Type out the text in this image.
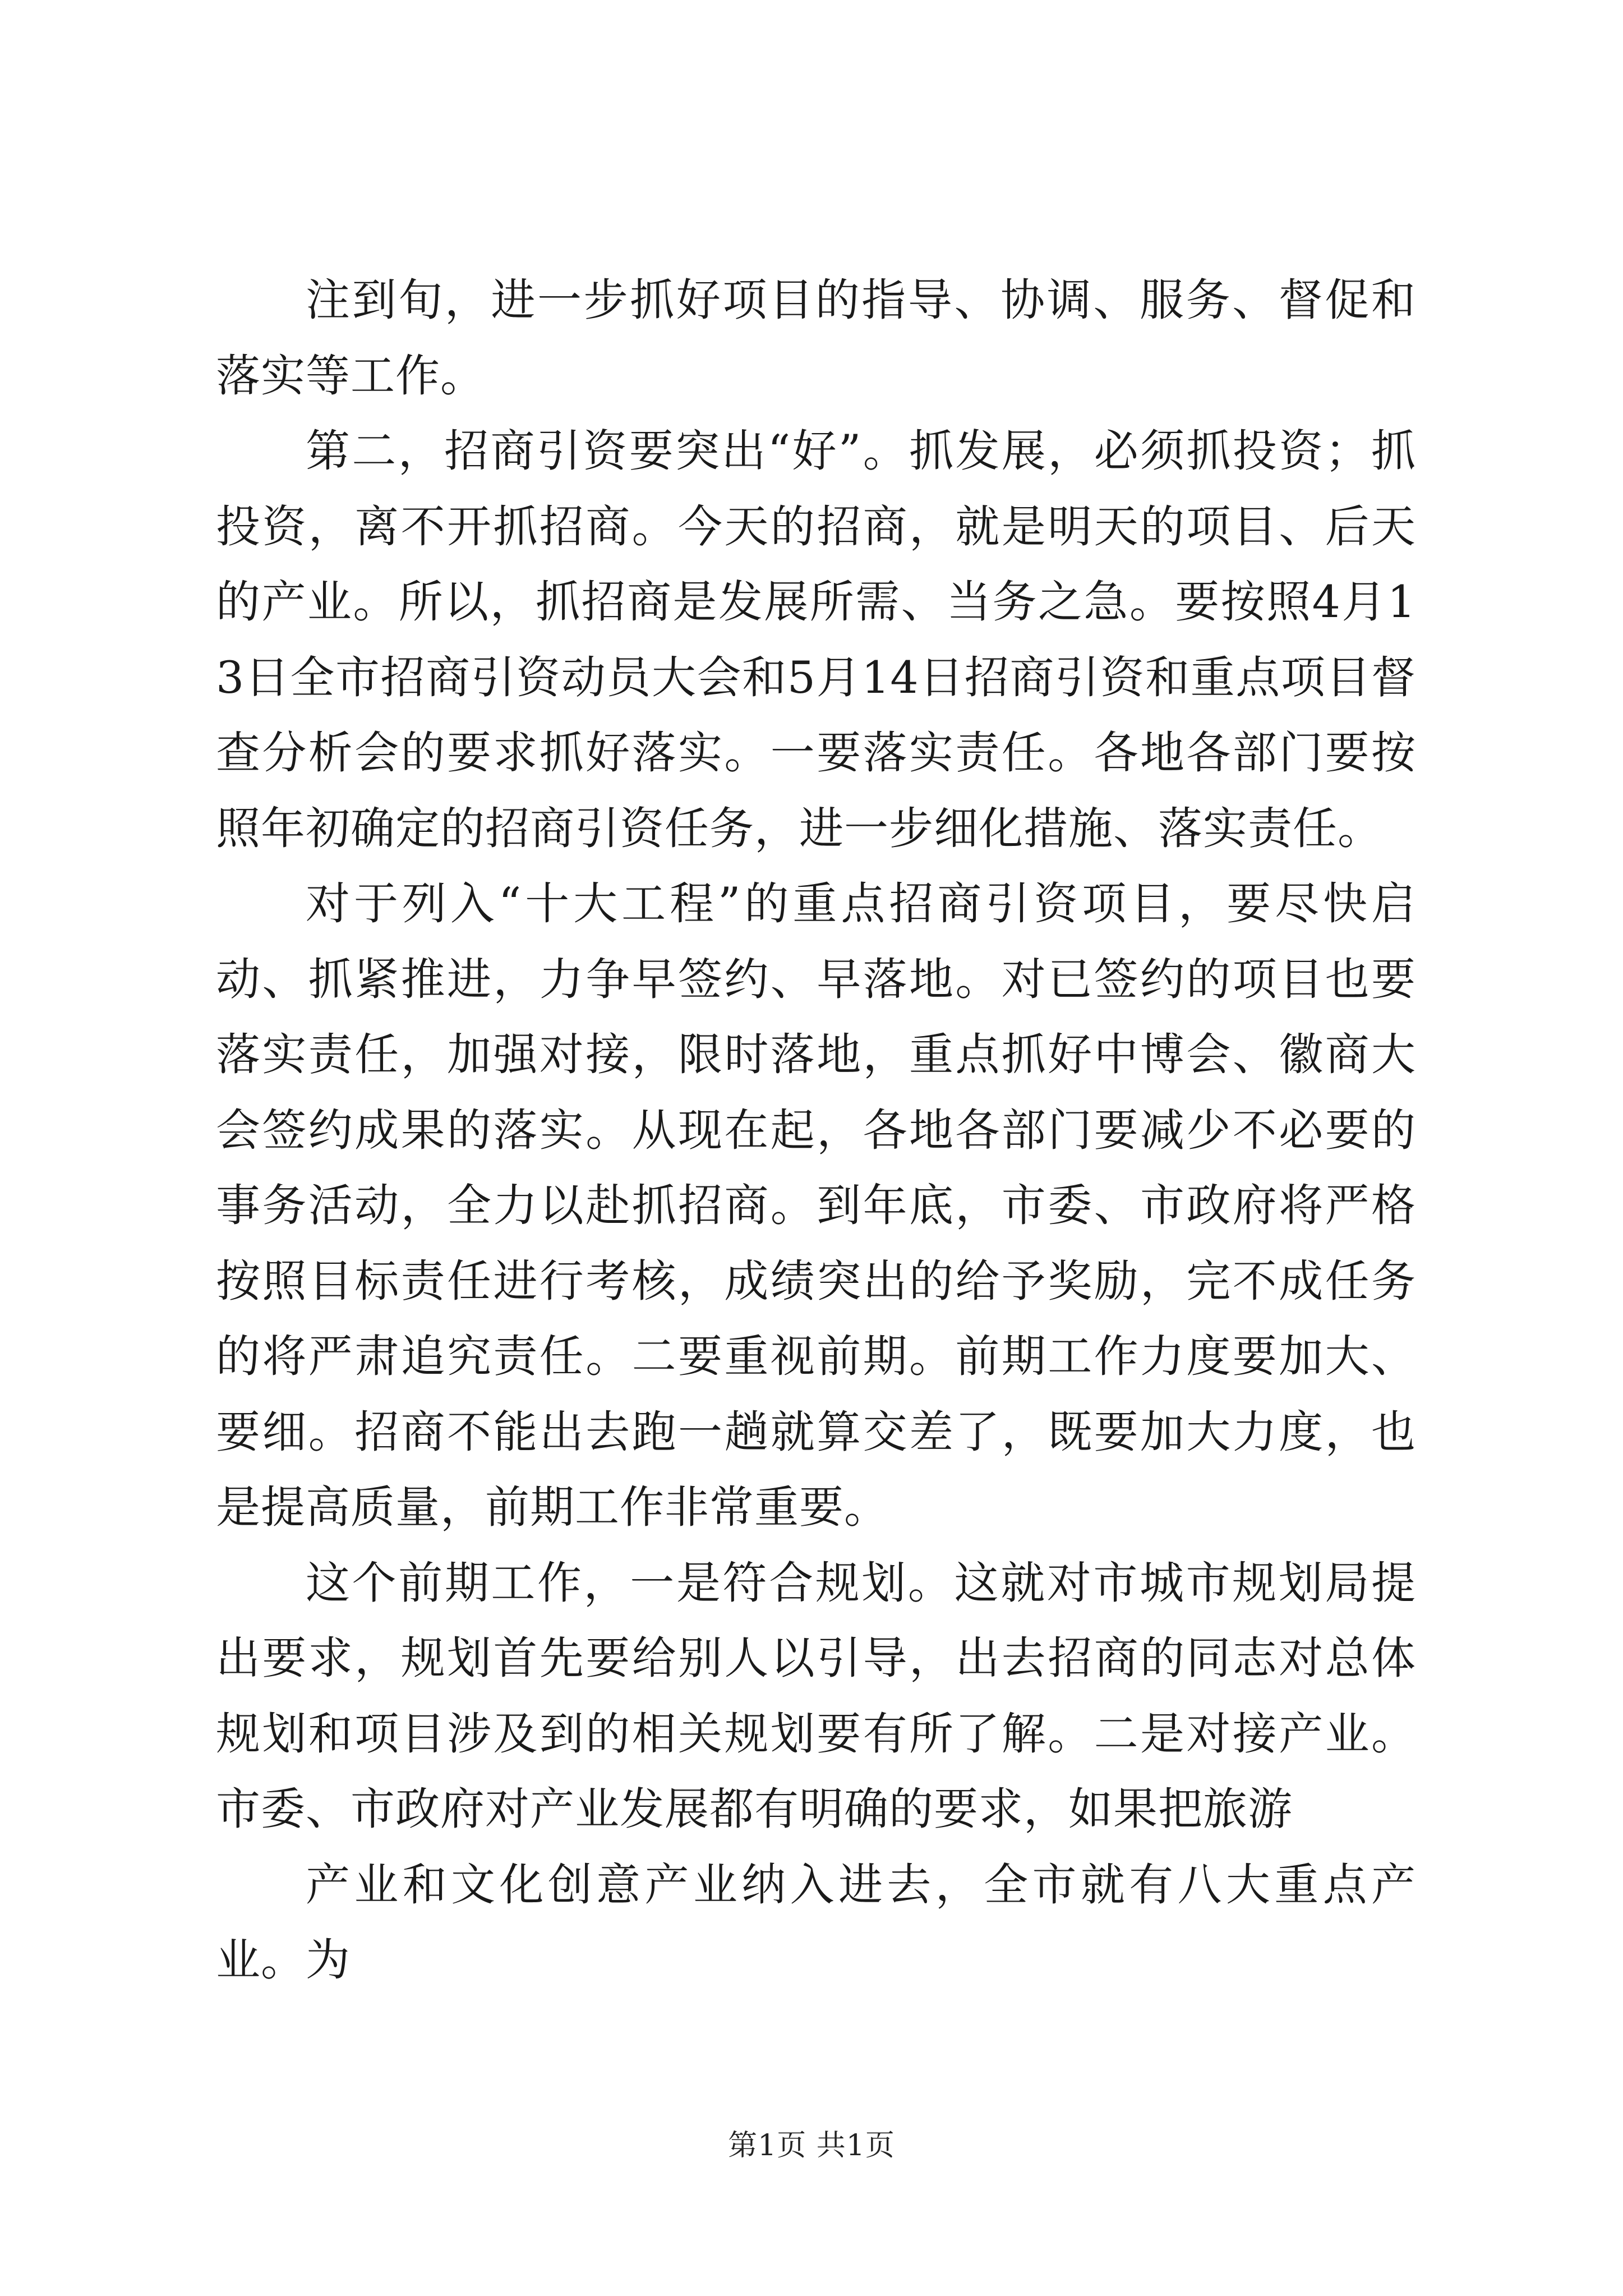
注到旬，进一步抓好项目的指导、协调、服务、督促和落实等工作。

第二，招商引资要突出“好”。抓发展，必须抓投资；抓投资，离不开抓招商。今天的招商，就是明天的项目、后天的产业。所以，抓招商是发展所需、当务之急。要按照4月13日全市招商引资动员大会和5月14日招商引资和重点项目督查分析会的要求抓好落实。一要落实责任。各地各部门要按照年初确定的招商引资任务，进一步细化措施、落实责任。

对于列入“十大工程”的重点招商引资项目，要尽快启动、抓紧推进，力争早签约、早落地。对已签约的项目也要落实责任，加强对接，限时落地，重点抓好中博会、徽商大会签约成果的落实。从现在起，各地各部门要减少不必要的事务活动，全力以赴抓招商。到年底，市委、市政府将严格按照目标责任进行考核，成绩突出的给予奖励，完不成任务的将严肃追究责任。二要重视前期。前期工作力度要加大、要细。招商不能出去跑一趟就算交差了，既要加大力度，也是提高质量，前期工作非常重要。

这个前期工作，一是符合规划。这就对市城市规划局提出要求，规划首先要给别人以引导，出去招商的同志对总体规划和项目涉及到的相关规划要有所了解。二是对接产业。市委、市政府对产业发展都有明确的要求，如果把旅游

产业和文化创意产业纳入进去，全市就有八大重点产业。为

第1页 共1页
